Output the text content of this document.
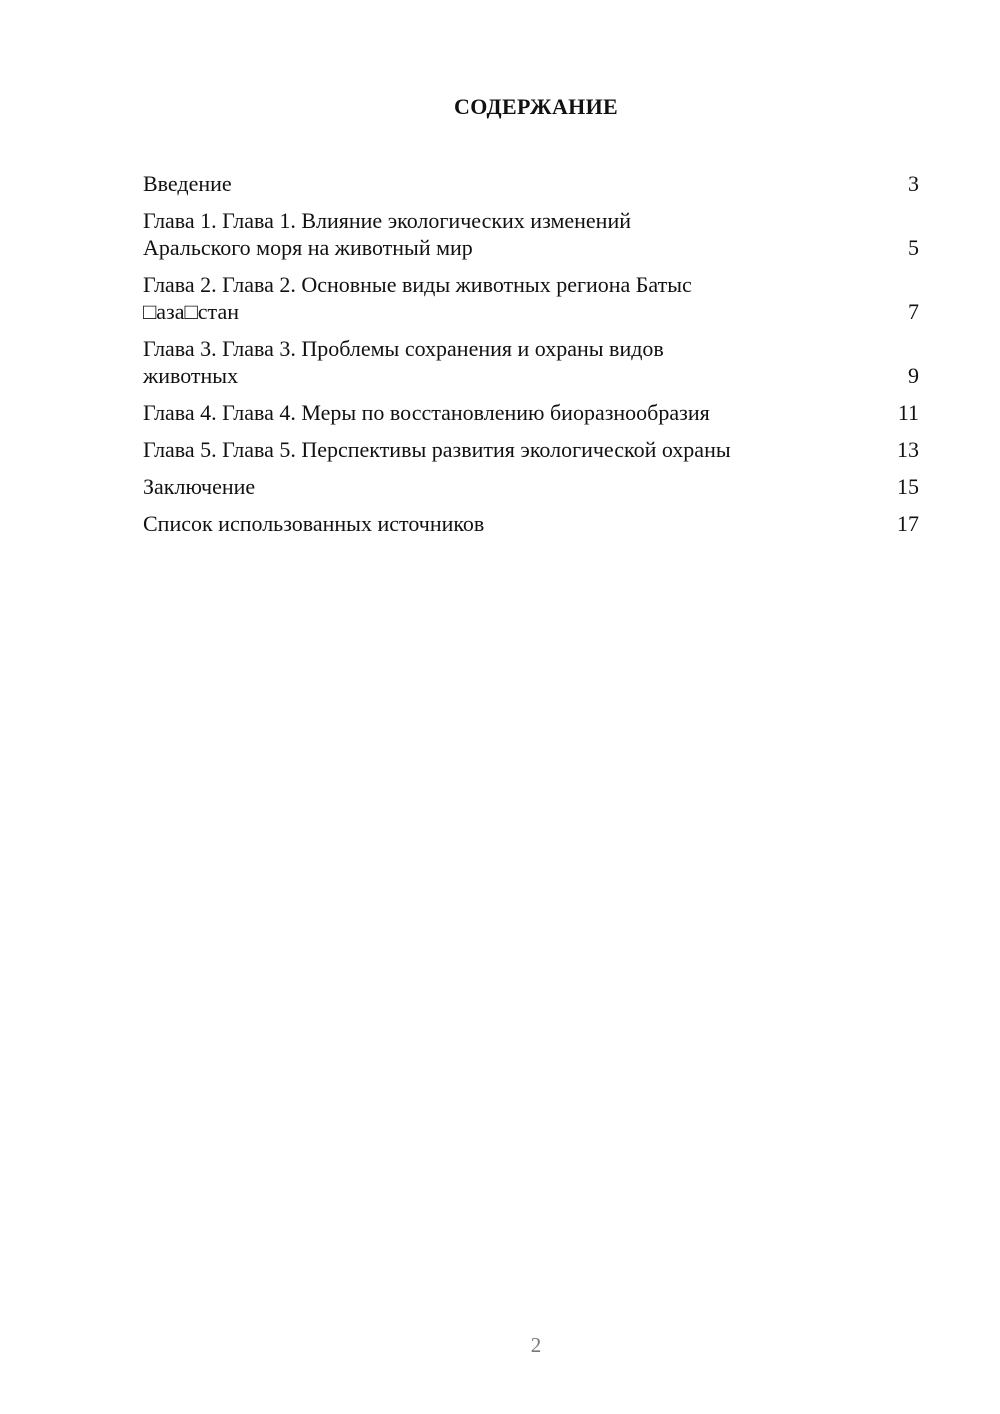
СОДЕРЖАНИЕ
Введение	3
Глава 1. Глава 1. Влияние экологических изменений Аральского моря на животный мир	5
Глава 2. Глава 2. Основные виды животных региона Батыс □аза□стан	7
Глава 3. Глава 3. Проблемы сохранения и охраны видов животных	9
Глава 4. Глава 4. Меры по восстановлению биоразнообразия	11
Глава 5. Глава 5. Перспективы развития экологической охраны	13
Заключение	15
Список использованных источников	17
2
